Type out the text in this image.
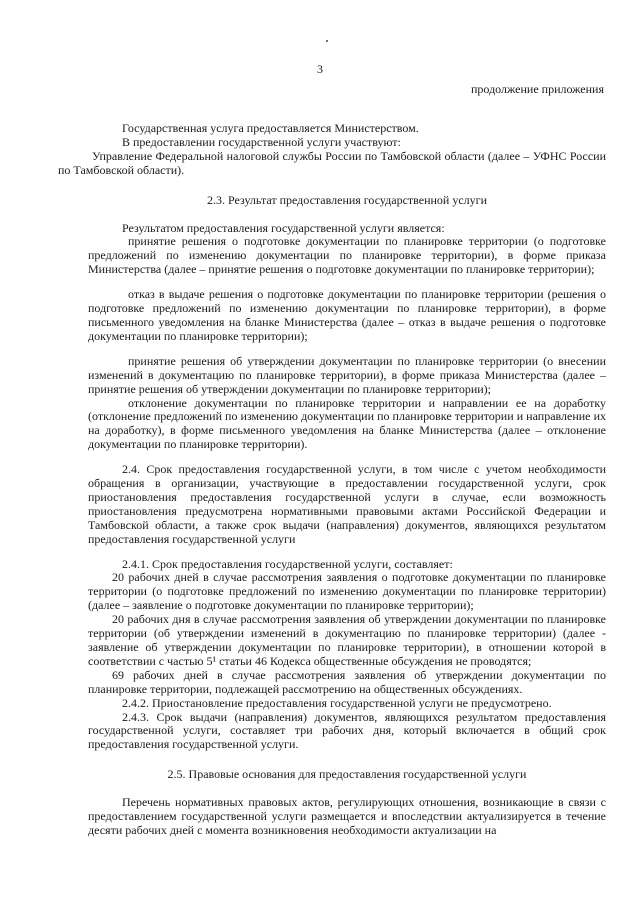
3
продолжение приложения

Государственная услуга предоставляется Министерством.

В предоставлении государственной услуги участвуют:

Управление Федеральной налоговой службы России по Тамбовской области (далее – УФНС России по Тамбовской области).

2.3. Результат предоставления государственной услуги

Результатом предоставления государственной услуги является:

принятие решения о подготовке документации по планировке территории (о подготовке предложений по изменению документации по планировке территории), в форме приказа Министерства (далее – принятие решения о подготовке документации по планировке территории);

отказ в выдаче решения о подготовке документации по планировке территории (решения о подготовке предложений по изменению документации по планировке территории), в форме письменного уведомления на бланке Министерства (далее – отказ в выдаче решения о подготовке документации по планировке территории);

принятие решения об утверждении документации по планировке территории (о внесении изменений в документацию по планировке территории), в форме приказа Министерства (далее – принятие решения об утверждении документации по планировке территории);

отклонение документации по планировке территории и направлении ее на доработку (отклонение предложений по изменению документации по планировке территории и направление их на доработку), в форме письменного уведомления на бланке Министерства (далее – отклонение документации по планировке территории).

2.4. Срок предоставления государственной услуги, в том числе с учетом необходимости обращения в организации, участвующие в предоставлении государственной услуги, срок приостановления предоставления государственной услуги в случае, если возможность приостановления предусмотрена нормативными правовыми актами Российской Федерации и Тамбовской области, а также срок выдачи (направления) документов, являющихся результатом предоставления государственной услуги

2.4.1. Срок предоставления государственной услуги, составляет:

20 рабочих дней в случае рассмотрения заявления о подготовке документации по планировке территории (о подготовке предложений по изменению документации по планировке территории) (далее – заявление о подготовке документации по планировке территории);

20 рабочих дня в случае рассмотрения заявления об утверждении документации по планировке территории (об утверждении изменений в документацию по планировке территории) (далее - заявление об утверждении документации по планировке территории), в отношении которой в соответствии с частью 5¹ статьи 46 Кодекса общественные обсуждения не проводятся;

69 рабочих дней в случае рассмотрения заявления об утверждении документации по планировке территории, подлежащей рассмотрению на общественных обсуждениях.

2.4.2. Приостановление предоставления государственной услуги не предусмотрено.

2.4.3. Срок выдачи (направления) документов, являющихся результатом предоставления государственной услуги, составляет три рабочих дня, который включается в общий срок предоставления государственной услуги.

2.5. Правовые основания для предоставления государственной услуги

Перечень нормативных правовых актов, регулирующих отношения, возникающие в связи с предоставлением государственной услуги размещается и впоследствии актуализируется в течение десяти рабочих дней с момента возникновения необходимости актуализации на
